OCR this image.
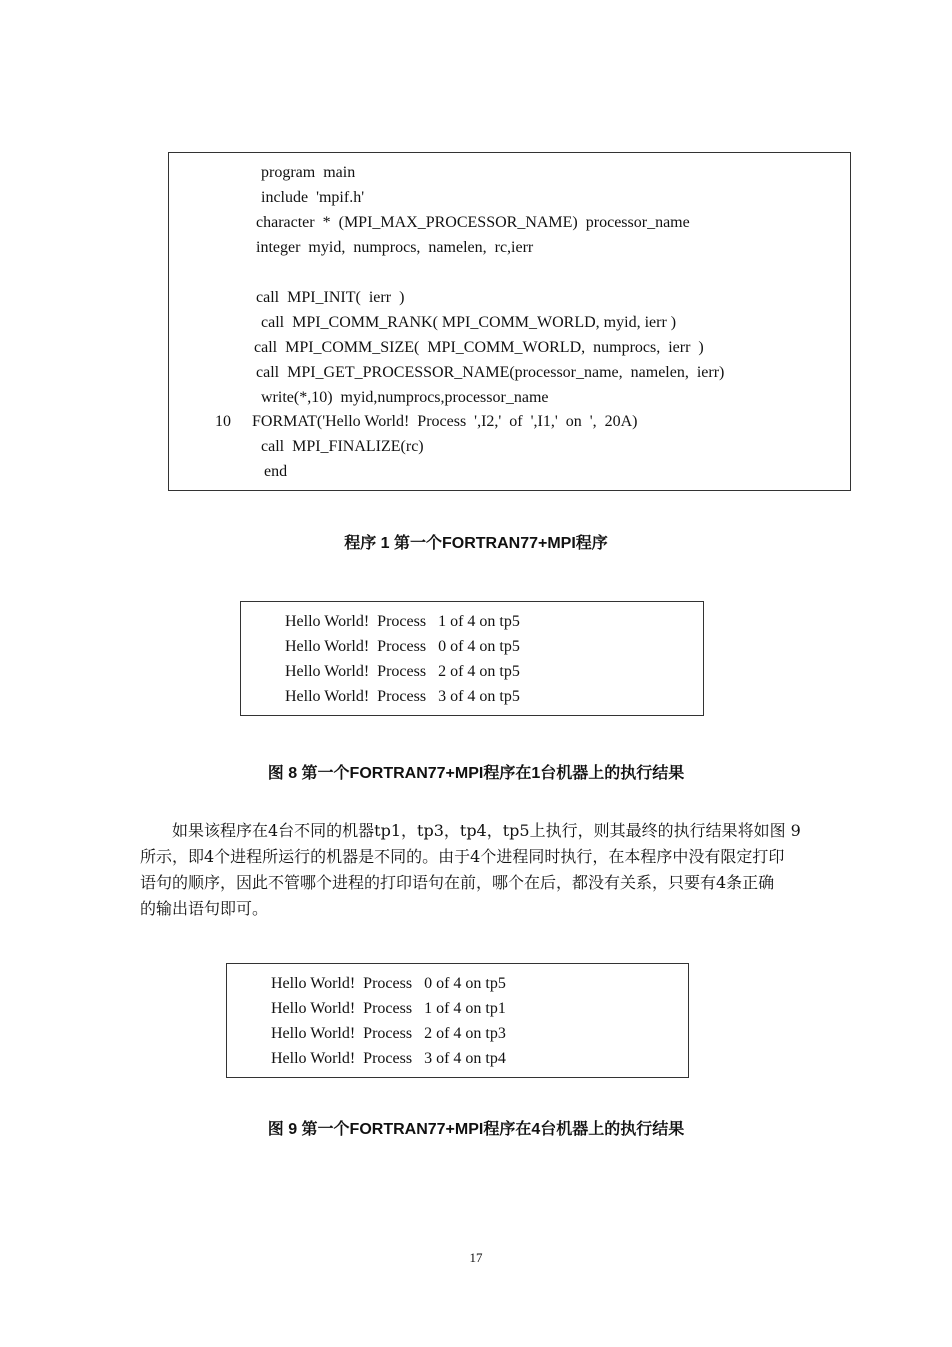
program  main
include  'mpif.h'
character  *  (MPI_MAX_PROCESSOR_NAME)  processor_name
integer  myid,  numprocs,  namelen,  rc,ierr
call  MPI_INIT(  ierr  )
call  MPI_COMM_RANK( MPI_COMM_WORLD, myid, ierr )
call  MPI_COMM_SIZE(  MPI_COMM_WORLD,  numprocs,  ierr  )
call  MPI_GET_PROCESSOR_NAME(processor_name,  namelen,  ierr)
write(*,10)  myid,numprocs,processor_name
10 FORMAT('Hello World!  Process  ',I2,'  of  ',I1,'  on  ',  20A)
call  MPI_FINALIZE(rc)
end
程序 1 第一个FORTRAN77+MPI程序
Hello World!  Process   1 of 4 on tp5
Hello World!  Process   0 of 4 on tp5
Hello World!  Process   2 of 4 on tp5
Hello World!  Process   3 of 4 on tp5
图 8 第一个FORTRAN77+MPI程序在1台机器上的执行结果
　　如果该程序在4台不同的机器tp1，tp3，tp4，tp5上执行，则其最终的执行结果将如图 9
所示，即4个进程所运行的机器是不同的。由于4个进程同时执行，在本程序中没有限定打印
语句的顺序，因此不管哪个进程的打印语句在前，哪个在后，都没有关系，只要有4条正确
的输出语句即可。
Hello World!  Process   0 of 4 on tp5
Hello World!  Process   1 of 4 on tp1
Hello World!  Process   2 of 4 on tp3
Hello World!  Process   3 of 4 on tp4
图 9 第一个FORTRAN77+MPI程序在4台机器上的执行结果
17
